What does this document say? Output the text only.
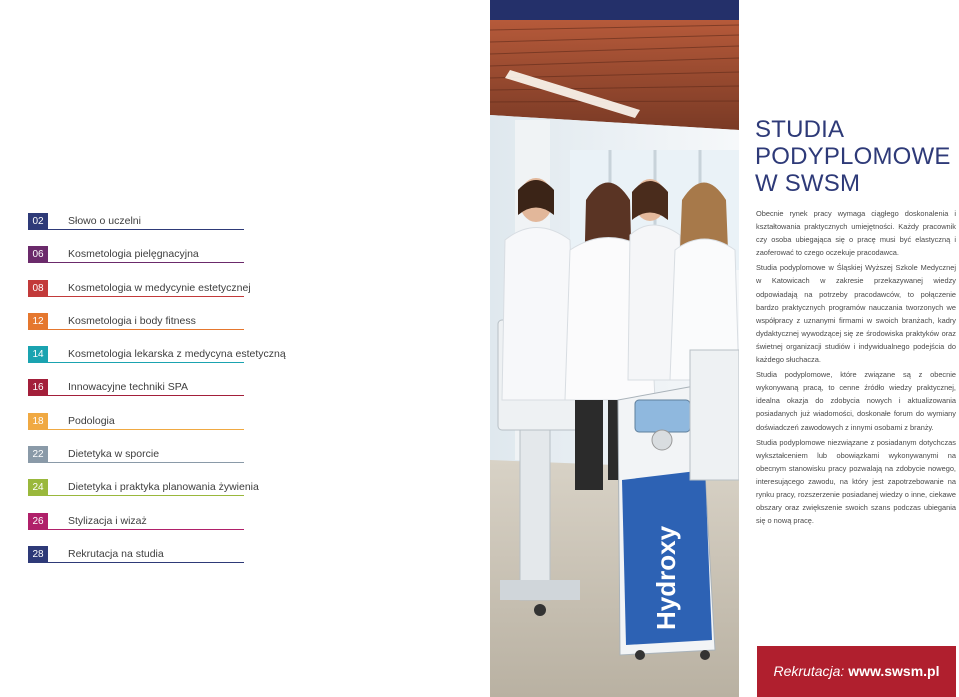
02	Słowo o uczelni
06	Kosmetologia pielęgnacyjna
08	Kosmetologia w medycynie estetycznej
12	Kosmetologia i body fitness
14	Kosmetologia lekarska z medycyna estetyczną
16	Innowacyjne techniki SPA
18	Podologia
22	Dietetyka w sporcie
24	Dietetyka i praktyka planowania żywienia
26	Stylizacja i wizaż
28	Rekrutacja na studia	Hydroxy
STUDIA
PODYPLOMOWE
W SWSM

Obecnie rynek pracy wymaga ciągłego doskonalenia i kształtowania praktycznych umiejętności. Każdy pracownik czy osoba ubiegająca się o pracę musi być elastyczną i zaoferować to czego oczekuje pracodawca.

Studia podyplomowe w Śląskiej Wyższej Szkole Medycznej w Katowicach w zakresie przekazywanej wiedzy odpowiadają na potrzeby pracodawców, to połączenie bardzo praktycznych programów nauczania tworzonych we współpracy z uznanymi firmami w swoich branżach, kadry dydaktycznej wywodzącej się ze środowiska praktyków oraz świetnej organizacji studiów i indywidualnego podejścia do każdego słuchacza.

Studia podyplomowe, które związane są z obecnie wykonywaną pracą, to cenne źródło wiedzy praktycznej, idealna okazja do zdobycia nowych i aktualizowania posiadanych już wiadomości, doskonałe forum do wymiany doświadczeń zawodowych z innymi osobami z branży.

Studia podyplomowe niezwiązane z posiadanym dotychczas wykształceniem lub obowiązkami wykonywanymi na obecnym stanowisku pracy pozwalają na zdobycie nowego, interesującego zawodu, na który jest zapotrzebowanie na rynku pracy, rozszerzenie posiadanej wiedzy o inne, ciekawe obszary oraz zwiększenie swoich szans podczas ubiegania się o nową pracę.

Rekrutacja: www.swsm.pl
